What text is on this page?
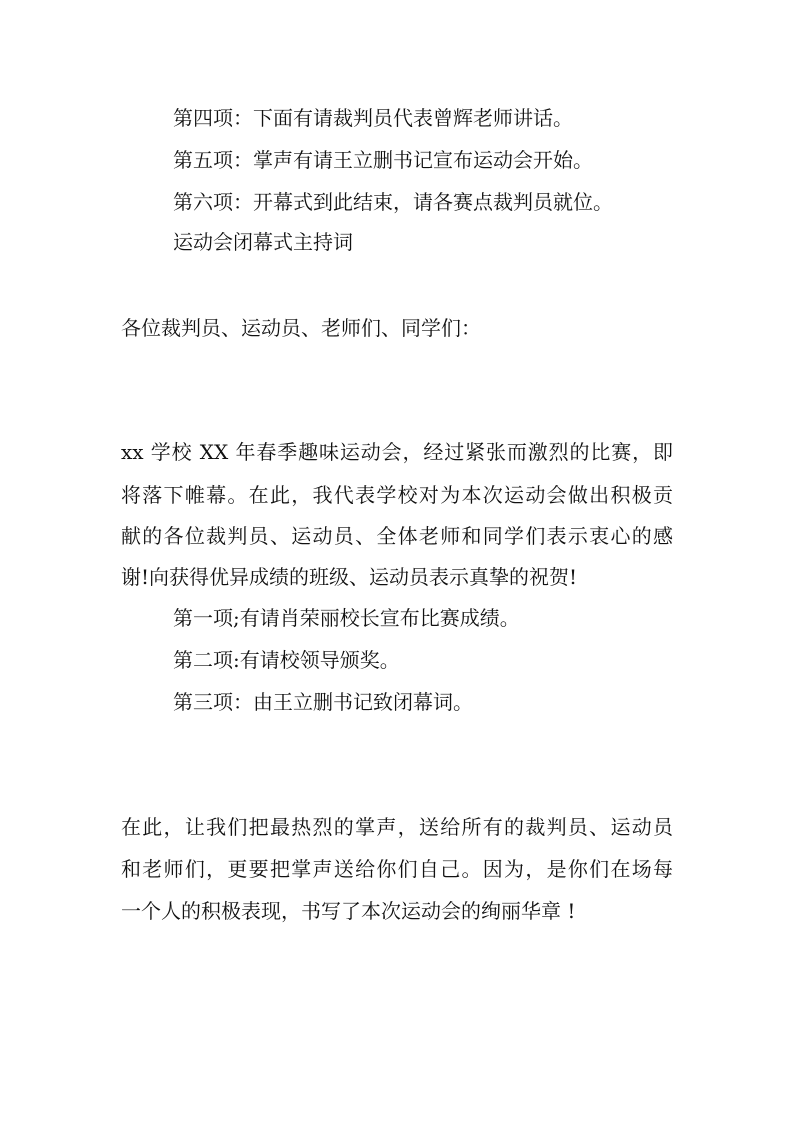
第四项：下面有请裁判员代表曾辉老师讲话。

第五项：掌声有请王立删书记宣布运动会开始。

第六项：开幕式到此结束，请各赛点裁判员就位。

运动会闭幕式主持词

各位裁判员、运动员、老师们、同学们：

xx 学校 XX 年春季趣味运动会，经过紧张而激烈的比赛，即

将落下帷幕。在此，我代表学校对为本次运动会做出积极贡

献的各位裁判员、运动员、全体老师和同学们表示衷心的感

谢!向获得优异成绩的班级、运动员表示真挚的祝贺!

第一项;有请肖荣丽校长宣布比赛成绩。

第二项:有请校领导颁奖。

第三项：由王立删书记致闭幕词。

在此，让我们把最热烈的掌声，送给所有的裁判员、运动员

和老师们，更要把掌声送给你们自己。因为，是你们在场每

一个人的积极表现，书写了本次运动会的绚丽华章 !
